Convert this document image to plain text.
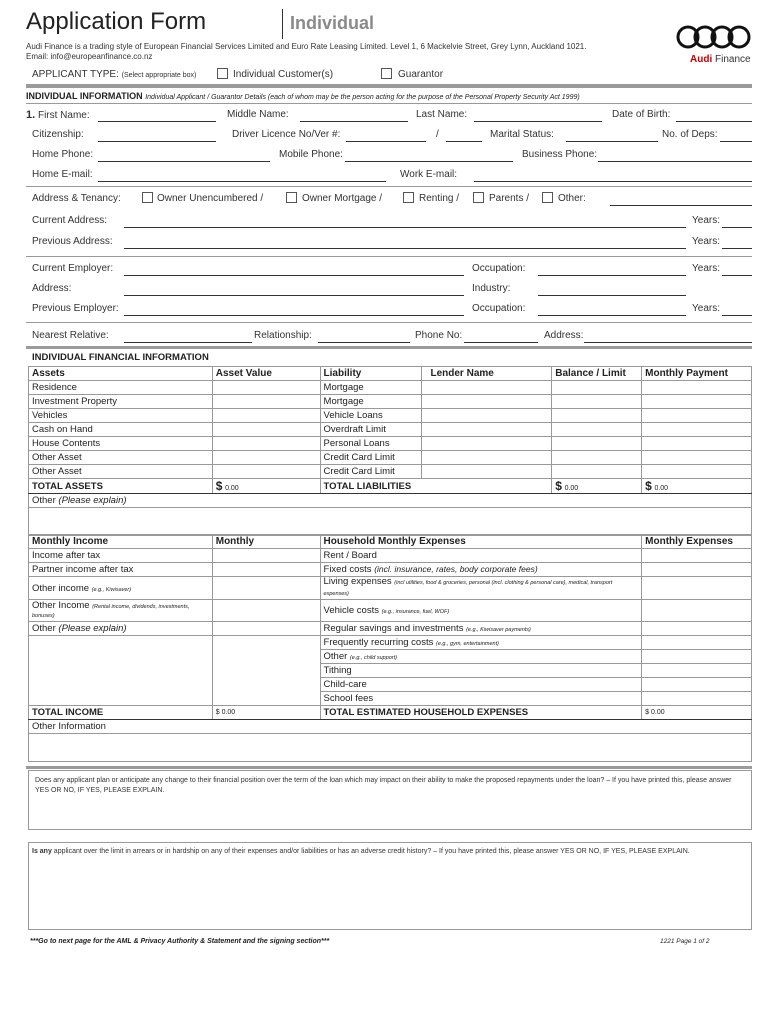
Application Form	Individual
Audi Finance is a trading style of European Financial Services Limited and Euro Rate Leasing Limited. Level 1, 6 Mackelvie Street, Grey Lynn, Auckland 1021.
Email: info@europeanfinance.co.nz	Audi Finance
APPLICANT TYPE: (Select appropriate box)	Individual Customer(s)	Guarantor
INDIVIDUAL INFORMATION Individual Applicant / Guarantor Details (each of whom may be the person acting for the purpose of the Personal Property Security Act 1999)
1. First Name:	Middle Name:	Last Name:	Date of Birth:
Citizenship:	Driver Licence No/Ver #:	/	Marital Status:	No. of Deps:
Home Phone:	Mobile Phone:	Business Phone:
Home E-mail:	Work E-mail:
Address & Tenancy:	Owner Unencumbered /	Owner Mortgage /	Renting /	Parents /	Other:
Current Address:	Years:
Previous Address:	Years:
Current Employer:	Occupation:	Years:
Address:	Industry:
Previous Employer:	Occupation:	Years:
Nearest Relative:	Relationship:	Phone No:	Address:
INDIVIDUAL FINANCIAL INFORMATION
Assets	Asset Value	Liability	Lender Name	Balance / Limit	Monthly Payment
Residence		Mortgage			
Investment Property		Mortgage			
Vehicles		Vehicle Loans			
Cash on Hand		Overdraft Limit			
House Contents		Personal Loans			
Other Asset		Credit Card Limit			
Other Asset		Credit Card Limit			
TOTAL ASSETS	$ 0.00	TOTAL LIABILITIES		$ 0.00	$ 0.00
Other (Please explain)					

Monthly Income	Monthly	Household Monthly Expenses	Monthly Expenses
Income after tax		Rent / Board	
Partner income after tax		Fixed costs (incl. insurance, rates, body corporate fees)	
Other income (e.g., Kiwisaver)		Living expenses (incl utilities, food & groceries, personal (incl. clothing & personal care), medical, transport expenses)	
Other Income (Rental income, dividends, investments, bonuses)		Vehicle costs (e.g., insurance, fuel, WOF)	
Other (Please explain)		Regular savings and investments (e.g., Kiwisaver payments)	
		Frequently recurring costs (e.g., gym, entertainment)	
		Other (e.g., child support)	
		Tithing	
		Child-care	
		School fees	
TOTAL INCOME	$ 0.00	TOTAL ESTIMATED HOUSEHOLD EXPENSES	$ 0.00
Other Information			

Does any applicant plan or anticipate any change to their financial position over the term of the loan which may impact on their ability to make the proposed repayments under the loan? – If you have printed this, please answer YES OR NO, IF YES, PLEASE EXPLAIN.
Is any applicant over the limit in arrears or in hardship on any of their expenses and/or liabilities or has an adverse credit history? – If you have printed this, please answer YES OR NO, IF YES, PLEASE EXPLAIN.
***Go to next page for the AML & Privacy Authority & Statement and the signing section***	1221 Page 1 of 2
